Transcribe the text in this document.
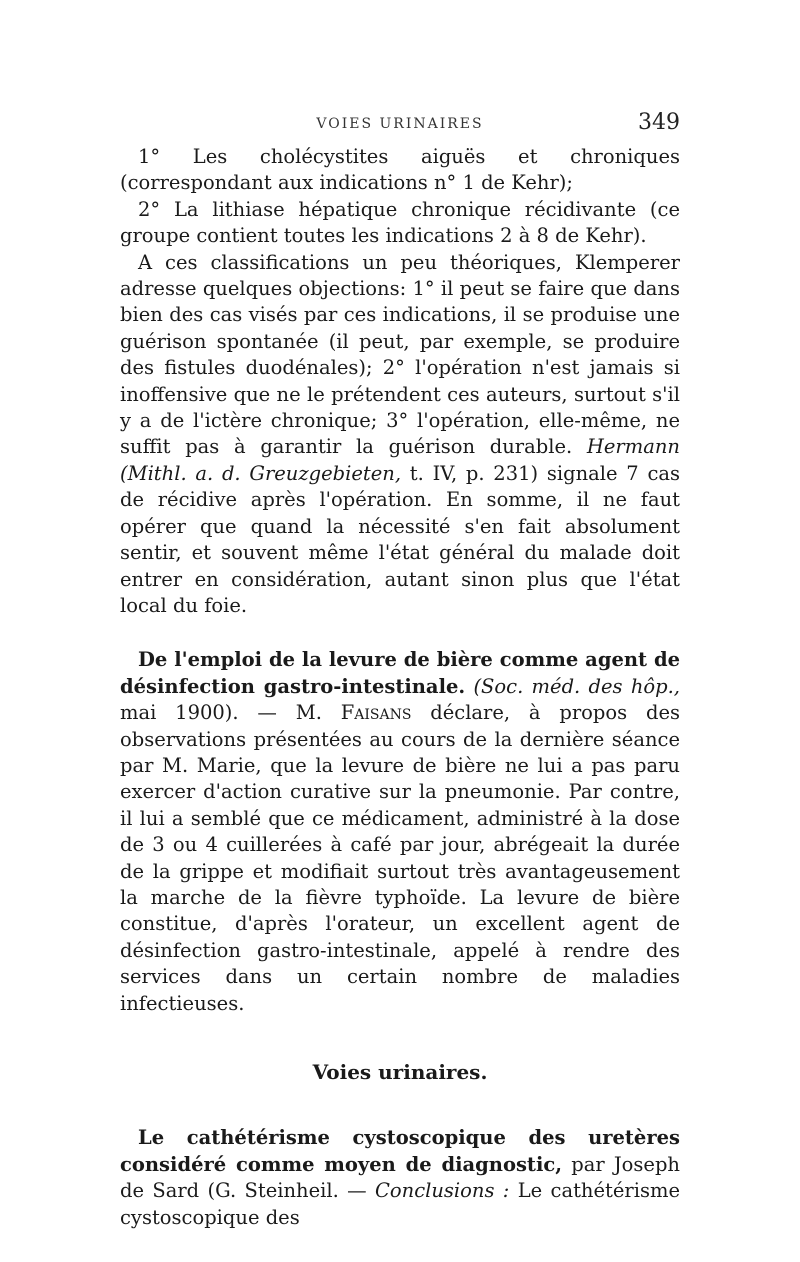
VOIES URINAIRES	349

1° Les cholécystites aiguës et chroniques (correspondant aux indications n° 1 de Kehr);

2° La lithiase hépatique chronique récidivante (ce groupe contient toutes les indications 2 à 8 de Kehr).

A ces classifications un peu théoriques, Klemperer adresse quelques objections: 1° il peut se faire que dans bien des cas visés par ces indications, il se produise une guérison spontanée (il peut, par exemple, se produire des fistules duodénales); 2° l'opération n'est jamais si inoffensive que ne le prétendent ces auteurs, surtout s'il y a de l'ictère chronique; 3° l'opération, elle-même, ne suffit pas à garantir la guérison durable. Hermann (Mithl. a. d. Greuzgebieten, t. IV, p. 231) signale 7 cas de récidive après l'opération. En somme, il ne faut opérer que quand la nécessité s'en fait absolument sentir, et souvent même l'état général du malade doit entrer en considération, autant sinon plus que l'état local du foie.

De l'emploi de la levure de bière comme agent de désinfection gastro-intestinale. (Soc. méd. des hôp., mai 1900). — M. Faisans déclare, à propos des observations présentées au cours de la dernière séance par M. Marie, que la levure de bière ne lui a pas paru exercer d'action curative sur la pneumonie. Par contre, il lui a semblé que ce médicament, administré à la dose de 3 ou 4 cuillerées à café par jour, abrégeait la durée de la grippe et modifiait surtout très avantageusement la marche de la fièvre typhoïde. La levure de bière constitue, d'après l'orateur, un excellent agent de désinfection gastro-intestinale, appelé à rendre des services dans un certain nombre de maladies infectieuses.

Voies urinaires.

Le cathétérisme cystoscopique des uretères considéré comme moyen de diagnostic, par Joseph de Sard (G. Steinheil. — Conclusions : Le cathétérisme cystoscopique des
